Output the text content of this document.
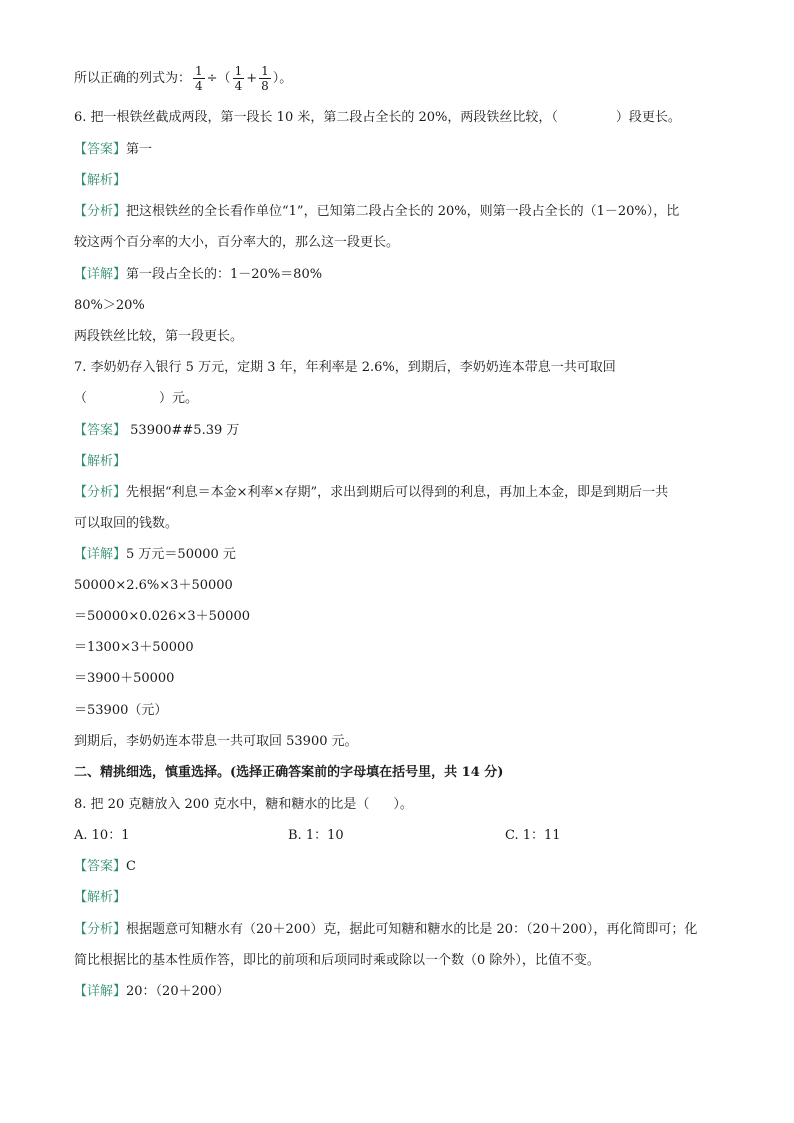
所以正确的列式为： $\frac{1}{4}$ ÷（ $\frac{1}{4} + \frac{1}{8}$ ）。
6. 把一根铁丝截成两段，第一段长 10 米，第二段占全长的 20%，两段铁丝比较，（	）段更长。
【答案】第一
【解析】
【分析】把这根铁丝的全长看作单位“1”，已知第二段占全长的 20%，则第一段占全长的（1－20%），比
较这两个百分率的大小，百分率大的，那么这一段更长。
【详解】第一段占全长的：1－20%＝80%
80%＞20%
两段铁丝比较，第一段更长。
7. 李奶奶存入银行 5 万元，定期 3 年，年利率是 2.6%，到期后，李奶奶连本带息一共可取回
（	）元。
【答案】 53900##5.39 万
【解析】
【分析】先根据“利息＝本金×利率×存期”，求出到期后可以得到的利息，再加上本金，即是到期后一共
可以取回的钱数。
【详解】5 万元＝50000 元
50000×2.6%×3＋50000
＝50000×0.026×3＋50000
＝1300×3＋50000
＝3900＋50000
＝53900（元）
到期后，李奶奶连本带息一共可取回 53900 元。
二、精挑细选，慎重选择。(选择正确答案前的字母填在括号里，共 14 分)
8. 把 20 克糖放入 200 克水中，糖和糖水的比是（ ）。
A. 10：1	B. 1：10	C. 1：11
【答案】C
【解析】
【分析】根据题意可知糖水有（20＋200）克，据此可知糖和糖水的比是 20：（20＋200），再化简即可；化
简比根据比的基本性质作答，即比的前项和后项同时乘或除以一个数（0 除外），比值不变。
【详解】20：（20＋200）
